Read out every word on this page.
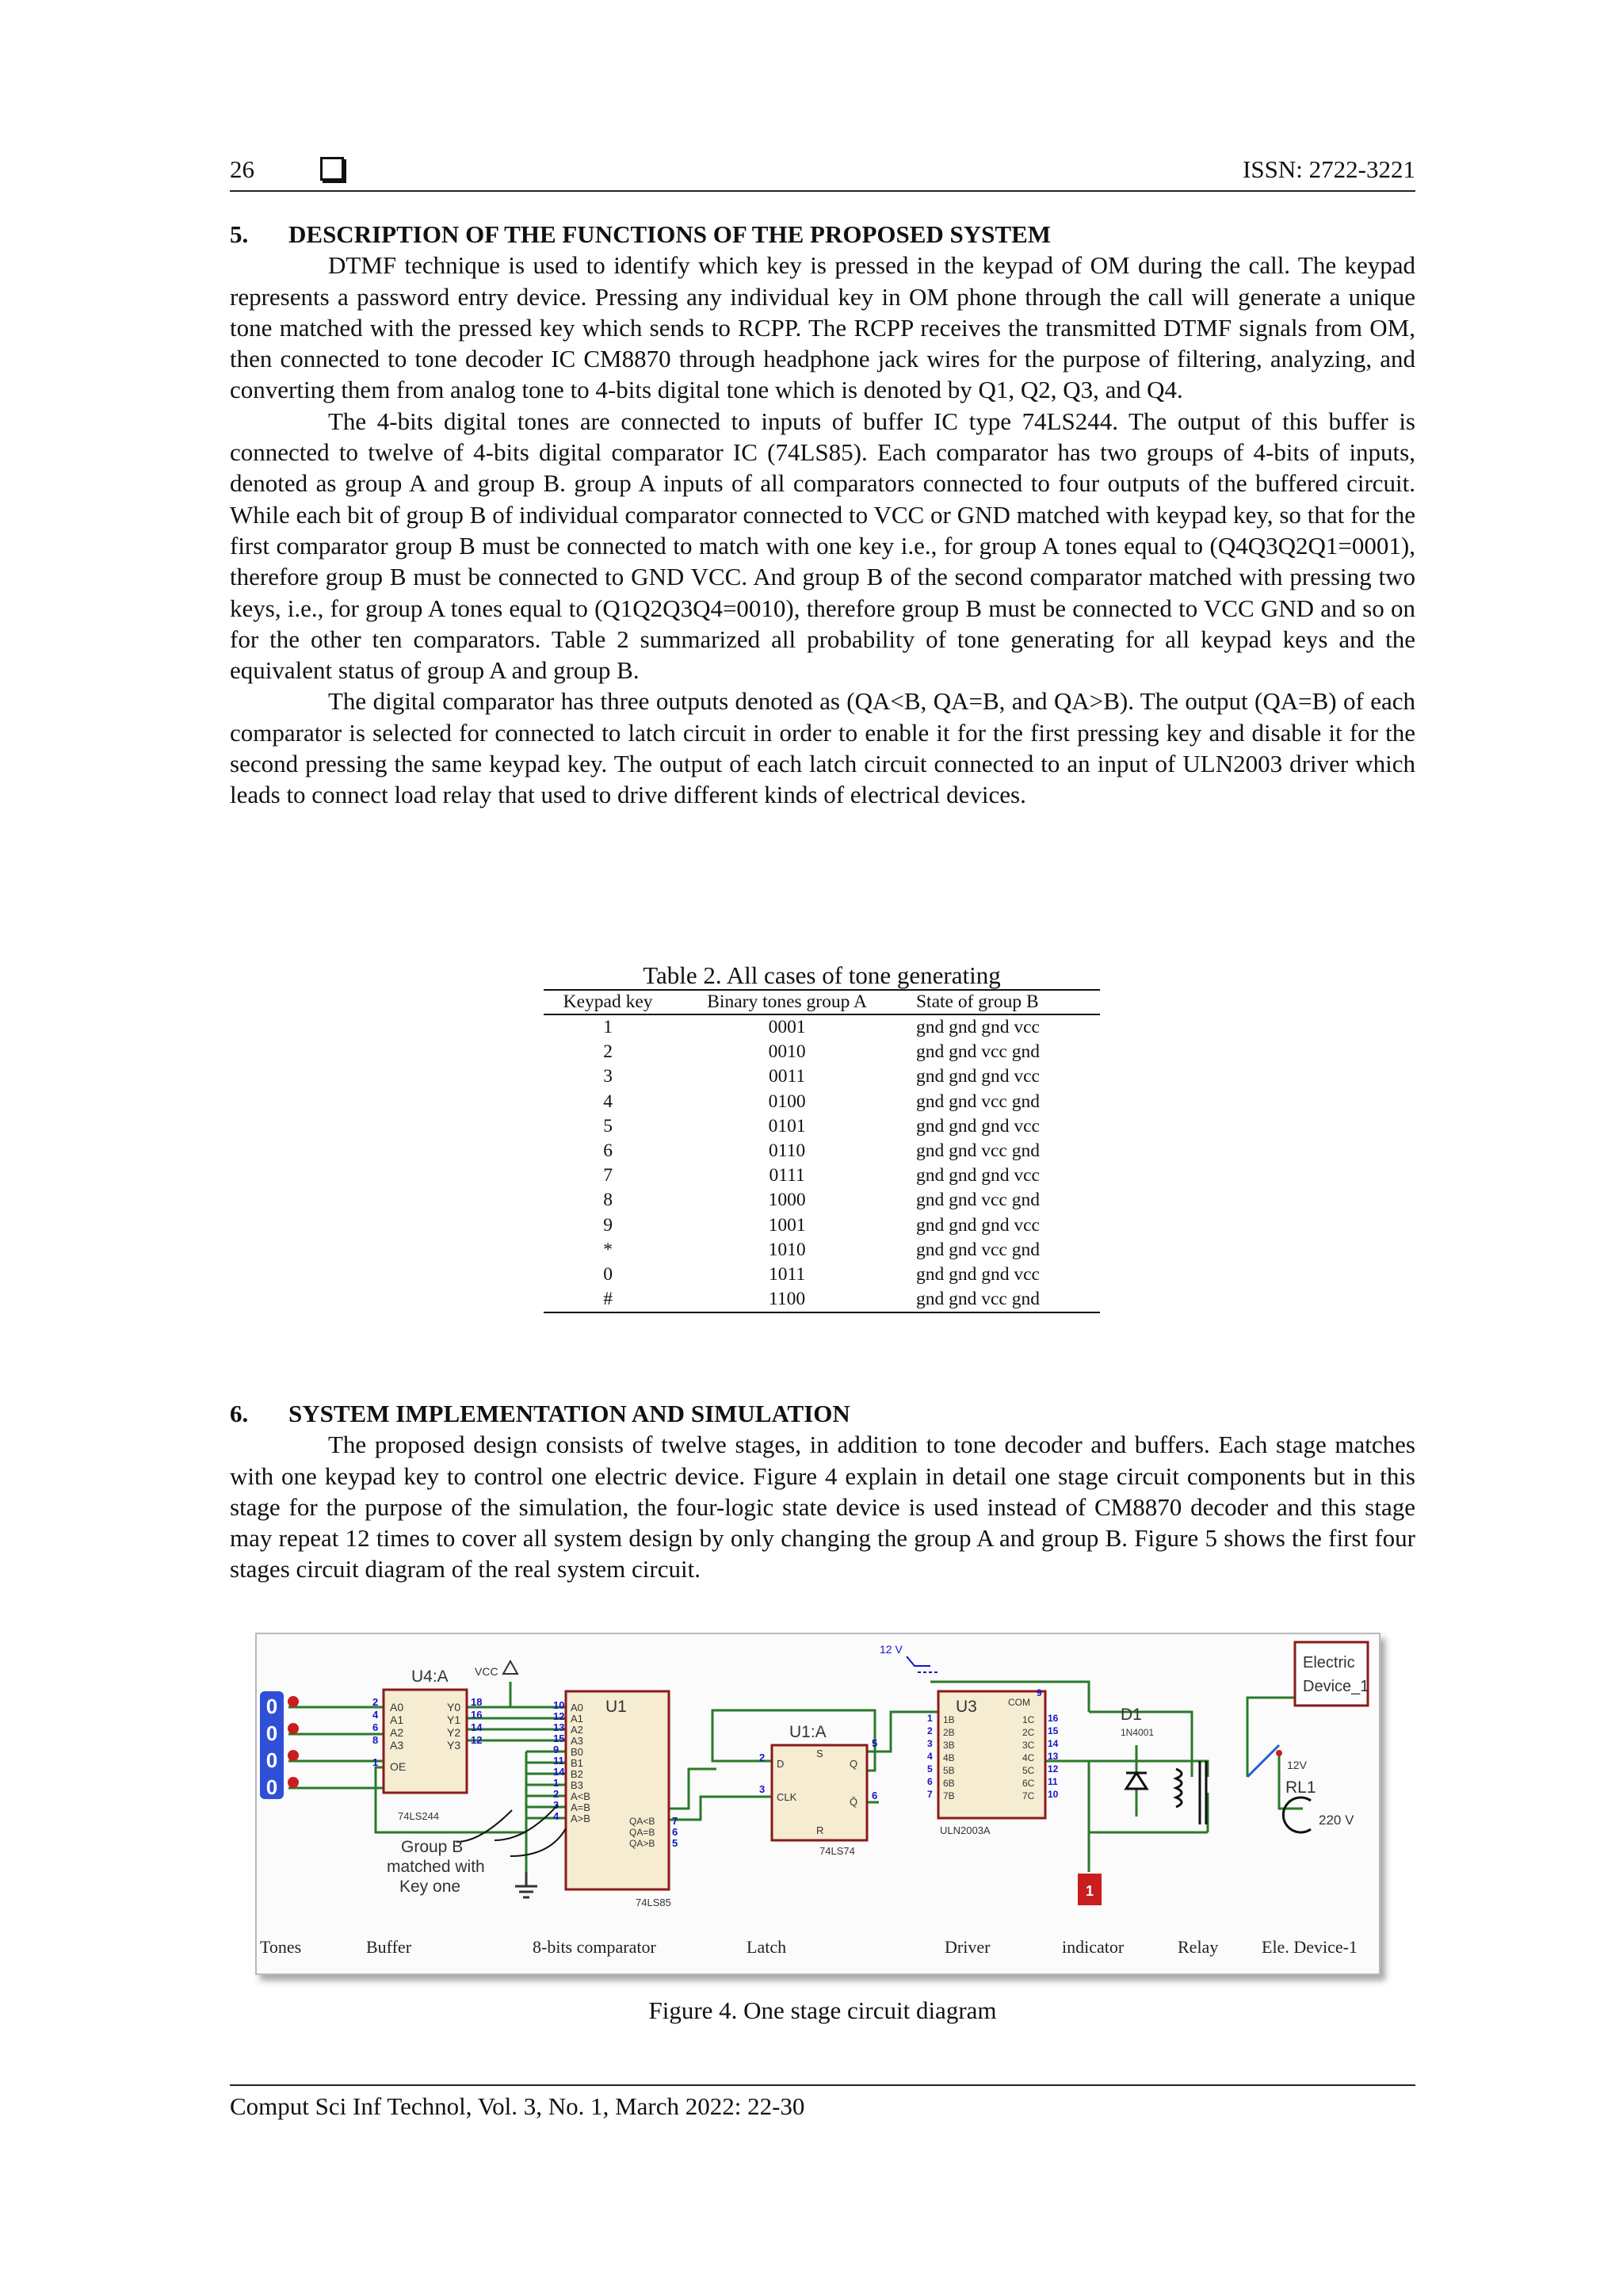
26	ISSN: 2722-3221
5. DESCRIPTION OF THE FUNCTIONS OF THE PROPOSED SYSTEM

DTMF technique is used to identify which key is pressed in the keypad of OM during the call. The keypad represents a password entry device. Pressing any individual key in OM phone through the call will generate a unique tone matched with the pressed key which sends to RCPP. The RCPP receives the transmitted DTMF signals from OM, then connected to tone decoder IC CM8870 through headphone jack wires for the purpose of filtering, analyzing, and converting them from analog tone to 4-bits digital tone which is denoted by Q1, Q2, Q3, and Q4.

The 4-bits digital tones are connected to inputs of buffer IC type 74LS244. The output of this buffer is connected to twelve of 4-bits digital comparator IC (74LS85). Each comparator has two groups of 4-bits of inputs, denoted as group A and group B. group A inputs of all comparators connected to four outputs of the buffered circuit. While each bit of group B of individual comparator connected to VCC or GND matched with keypad key, so that for the first comparator group B must be connected to match with one key i.e., for group A tones equal to (Q4Q3Q2Q1=0001), therefore group B must be connected to GND VCC. And group B of the second comparator matched with pressing two keys, i.e., for group A tones equal to (Q1Q2Q3Q4=0010), therefore group B must be connected to VCC GND and so on for the other ten comparators. Table 2 summarized all probability of tone generating for all keypad keys and the equivalent status of group A and group B.

The digital comparator has three outputs denoted as (QA<B, QA=B, and QA>B). The output (QA=B) of each comparator is selected for connected to latch circuit in order to enable it for the first pressing key and disable it for the second pressing the same keypad key. The output of each latch circuit connected to an input of ULN2003 driver which leads to connect load relay that used to drive different kinds of electrical devices.

Table 2. All cases of tone generating
Keypad key	Binary tones group A	State of group B
1	0001	gnd gnd gnd vcc
2	0010	gnd gnd vcc gnd
3	0011	gnd gnd gnd vcc
4	0100	gnd gnd vcc gnd
5	0101	gnd gnd gnd vcc
6	0110	gnd gnd vcc gnd
7	0111	gnd gnd gnd vcc
8	1000	gnd gnd vcc gnd
9	1001	gnd gnd gnd vcc
*	1010	gnd gnd vcc gnd
0	1011	gnd gnd gnd vcc
#	1100	gnd gnd vcc gnd
6. SYSTEM IMPLEMENTATION AND SIMULATION

The proposed design consists of twelve stages, in addition to tone decoder and buffers. Each stage matches with one keypad key to control one electric device. Figure 4 explain in detail one stage circuit components but in this stage for the purpose of the simulation, the four-logic state device is used instead of CM8870 decoder and this stage may repeat 12 times to cover all system design by only changing the group A and group B. Figure 5 shows the first four stages circuit diagram of the real system circuit.

0
0
0
0
U4:A VCC
74LS244
A0
A1
A2
A3
OE
Y0
Y1
Y2
Y3
2
4
6
8
1
18
16
14
12
U1
74LS85
A0
A1
A2
A3
B0
B1
B2
B3
A<B
A=B
A>B
10
12
13
15
9
11
14
1
2
3
4	QA<B
QA=B
QA>B
7
6
5
U1:A
74LS74
D	Q
CLK	Q̄
S
R
2
5
3
6
12 V
U3	COM
9
ULN2003A
1B	1C
2B	2C
3B	3C
4B	4C
5B	5C
6B	6C
7B	7C
1	16
2	15
3	14
4	13
5	12
6	11
7	10
D1
1N4001
12V
RL1
Electric
Device_1
220 V
1
Group B
matched with
Key one
Tones	Buffer	8-bits comparator	Latch	Driver	indicator	Relay Ele. Device-1
Figure 4. One stage circuit diagram
Comput Sci Inf Technol, Vol. 3, No. 1, March 2022: 22-30
